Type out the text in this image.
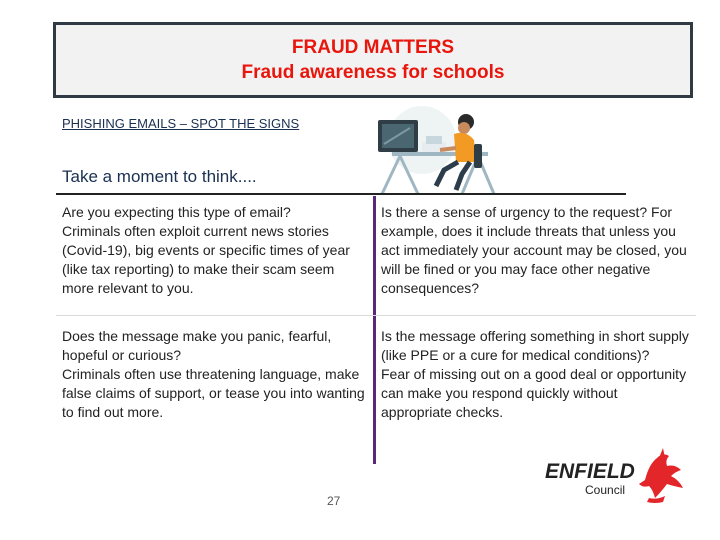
FRAUD MATTERS
Fraud awareness for schools
PHISHING EMAILS – SPOT THE SIGNS
Take a moment to think....
Are you expecting this type of email?
Criminals often exploit current news stories (Covid-19), big events or specific times of year (like tax reporting) to make their scam seem more relevant to you.
Is there a sense of urgency to the request? For example, does it include threats that unless you act immediately your account may be closed, you will be fined or you may face other negative consequences?
Does the message make you panic, fearful, hopeful or curious?
Criminals often use threatening language, make false claims of support, or tease you into wanting to find out more.
Is the message offering something in short supply (like PPE or a cure for medical conditions)?
Fear of missing out on a good deal or opportunity can make you respond quickly without appropriate checks.
27
ENFIELD
Council
